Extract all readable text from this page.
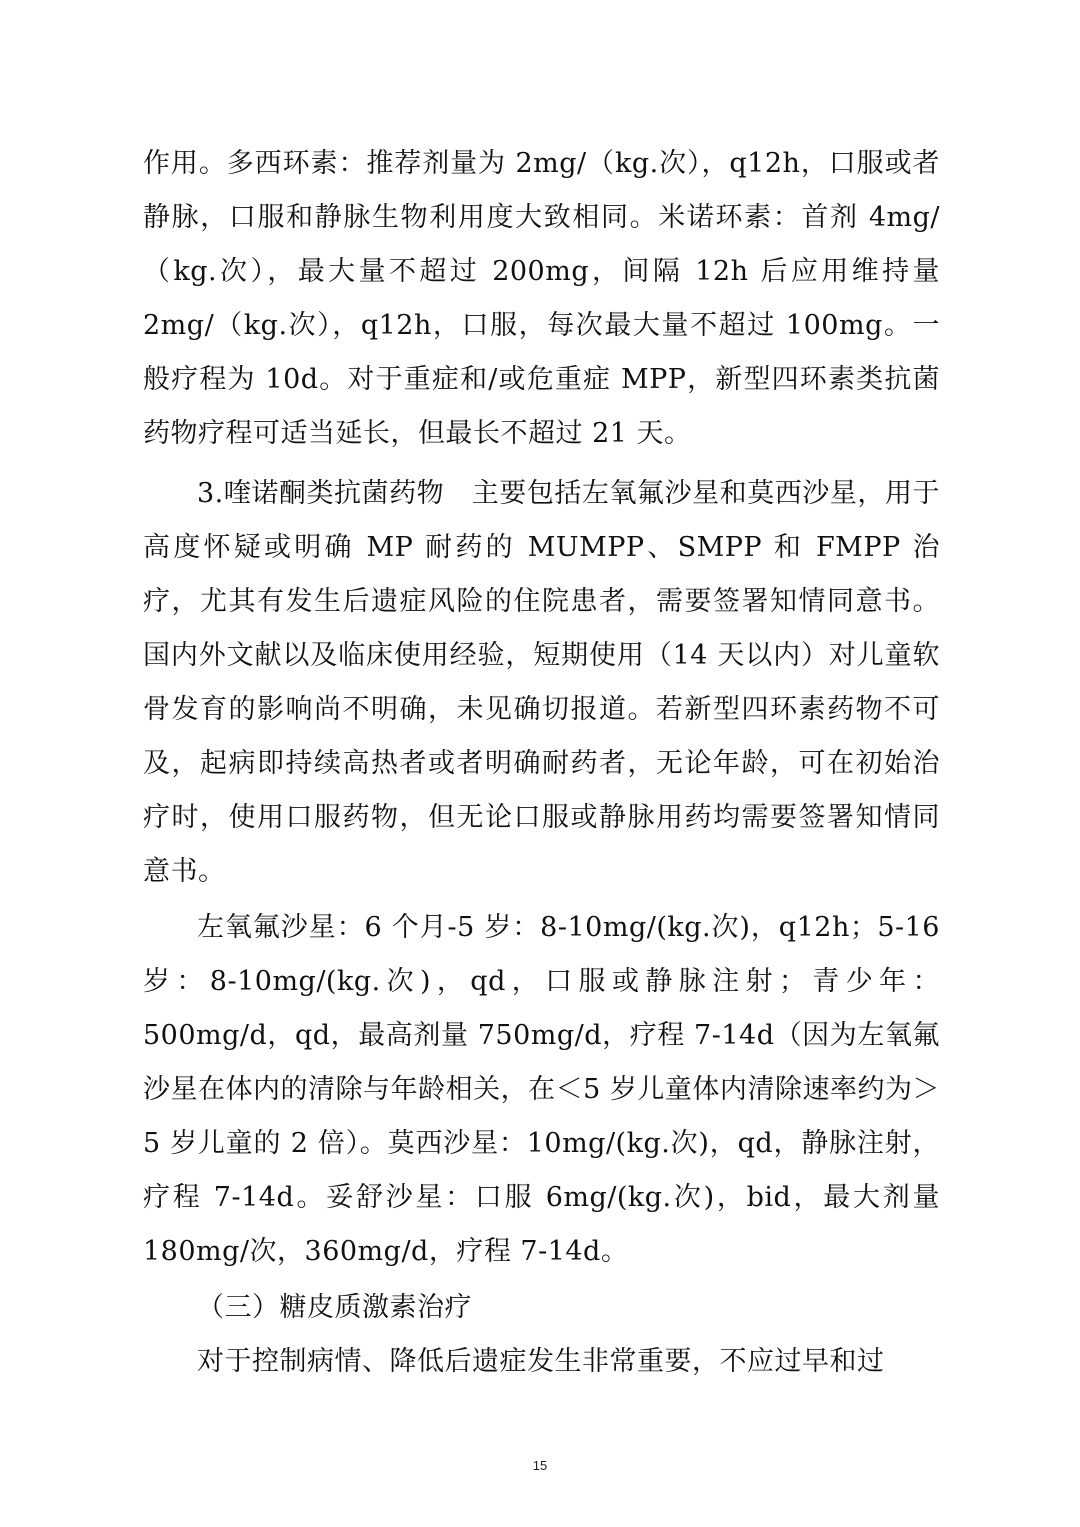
作用。多西环素：推荐剂量为 2mg/（kg.次），q12h，口服或者静脉，口服和静脉生物利用度大致相同。米诺环素：首剂 4mg/（kg.次），最大量不超过 200mg，间隔 12h 后应用维持量 2mg/（kg.次），q12h，口服，每次最大量不超过 100mg。一般疗程为 10d。对于重症和/或危重症 MPP，新型四环素类抗菌药物疗程可适当延长，但最长不超过 21 天。

3.喹诺酮类抗菌药物　主要包括左氧氟沙星和莫西沙星，用于高度怀疑或明确 MP 耐药的 MUMPP、SMPP 和 FMPP 治疗，尤其有发生后遗症风险的住院患者，需要签署知情同意书。国内外文献以及临床使用经验，短期使用（14 天以内）对儿童软骨发育的影响尚不明确，未见确切报道。若新型四环素药物不可及，起病即持续高热者或者明确耐药者，无论年龄，可在初始治疗时，使用口服药物，但无论口服或静脉用药均需要签署知情同意书。

左氧氟沙星：6 个月-5 岁：8-10mg/(kg.次)，q12h；5-16 岁：8-10mg/(kg.次)，qd，口服或静脉注射；青少年：500mg/d，qd，最高剂量 750mg/d，疗程 7-14d（因为左氧氟沙星在体内的清除与年龄相关，在＜5 岁儿童体内清除速率约为＞5 岁儿童的 2 倍）。莫西沙星：10mg/(kg.次)，qd，静脉注射，疗程 7-14d。妥舒沙星：口服 6mg/(kg.次)，bid，最大剂量 180mg/次，360mg/d，疗程 7-14d。

（三）糖皮质激素治疗

对于控制病情、降低后遗症发生非常重要，不应过早和过

15
